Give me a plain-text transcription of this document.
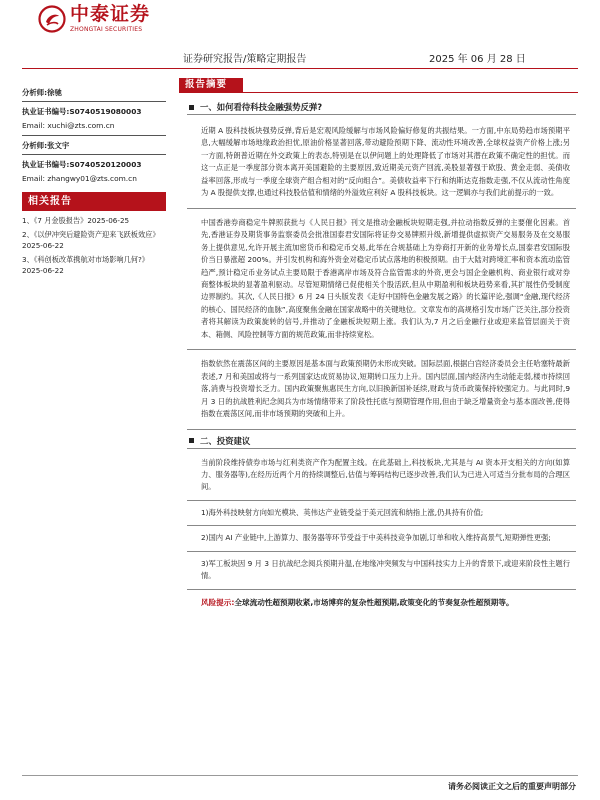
中泰证券
ZHONGTAI SECURITIES
证券研究报告/策略定期报告	2025 年 06 月 28 日
分析师:徐驰
执业证书编号:S0740519080003
Email: xuchi@zts.com.cn
分析师:张文宇
执业证书编号:S0740520120003
Email: zhangwy01@zts.com.cn
相关报告
1、《7 月金股报告》2025-06-25
2、《以伊冲突后避险资产迎来飞跃板效应》2025-06-22
3、《科创板改革携航对市场影响几何?》2025-06-22
报告摘要
一、如何看待科技金融强势反弹?

近期 A 股科技板块强势反弹,背后是宏观风险缓解与市场风险偏好修复的共振结果。一方面,中东局势趋市场预期平息,大幅缓解市场地缘政治担忧,原油价格显著回落,带动避险预期下降、流动性环境改善,全球权益资产价格上涨;另一方面,特朗普近期在外交政策上的表态,特别是在以伊问题上的处理降低了市场对其潜在政策不确定性的担忧。而这一点正是一季度部分资本离开美国避险的主要原因,致近期美元资产回流,美股显著强于欧股、黄金走弱、美债收益率回落,形成与一季度全球资产组合相对的“反向组合”。美债收益率下行和纳斯达克指数走强,不仅从流动性角度为 A 股提供支撑,也通过科技股估值和情绪的外溢效应利好 A 股科技板块。这一逻辑亦与我们此前提示的一致。

中国香港券商稳定牛牌照获批与《人民日报》刊文是推动金融板块短期走强,并拉动指数反弹的主要催化因素。首先,香港证券及期货事务监察委员会批准国泰君安国际将证券交易牌照升级,新增提供虚拟资产交易服务及在交易服务上提供意见,允许开展主流加密货币和稳定币交易,此举在合规基础上为券商打开新的业务增长点,国泰君安国际股价当日暴涨超 200%。并引发机构和海外资金对稳定币试点落地的积极预期。由于大陆对跨境汇率和资本流动监管趋严,预计稳定币业务试点主要局限于香港离岸市场及符合监管需求的外资,更会与国企金融机构、商业银行或对券商整体板块的显著盈利驱动。尽管短期情绪已促使相关个股活跃,但从中期盈利和板块趋势来看,其扩展性仍受制度边界制约。其次,《人民日报》6 月 24 日头版发表《走好中国特色金融发展之路》的长篇评论,强调“金融,现代经济的核心、国民经济的血脉”,高度聚焦金融在国家战略中的关键地位。文章发布的高规格引发市场广泛关注,部分投资者将其解读为政策旋转的信号,并推动了金融板块短期上涨。我们认为,7 月之后金融行业或迎来监管层面关于资本、箱侧、风险控制等方面的规范政策,而非持续宽松。

指数依然在震荡区间的主要原因是基本面与政策预期仍未形成突破。国际层面,根据白宫经济委员会主任哈塞特最新表述,7 月和美国或将与一系列国家达成贸易协议,短期转口压力上升。国内层面,国内经济内生动能走弱,楼市持续回落,消费与投资增长乏力。国内政策聚焦惠民生方向,以旧换新国补延续,财政与货币政策保持较强定力。与此同时,9 月 3 日的抗战胜利纪念阅兵为市场情绪带来了阶段性托底与预期管理作用,但由于缺乏增量资金与基本面改善,使得指数在震荡区间,而非市场预期的突破和上升。

二、投资建议

当前阶段维持债券市场与红利类资产作为配置主线。在此基础上,科技板块,尤其是与 AI 资本开支相关的方向(如算力、服务器等),在经历近两个月的持续调整后,估值与筹码结构已逐步改善,我们认为已进入可适当分批布局的合理区间。

1)海外科技映射方向如光模块、英伟达产业链受益于美元回流和纳指上涨,仍具持有价值;

2)国内 AI 产业链中,上游算力、服务器等环节受益于中美科技竞争加剧,订单和收入维持高景气,短期弹性更强;

3)军工板块因 9 月 3 日抗战纪念阅兵预期升温,在地缘冲突频发与中国科技实力上升的背景下,或迎来阶段性主题行情。

风险提示:全球流动性超预期收紧,市场博弈的复杂性超预期,政策变化的节奏复杂性超预期等。

请务必阅读正文之后的重要声明部分
